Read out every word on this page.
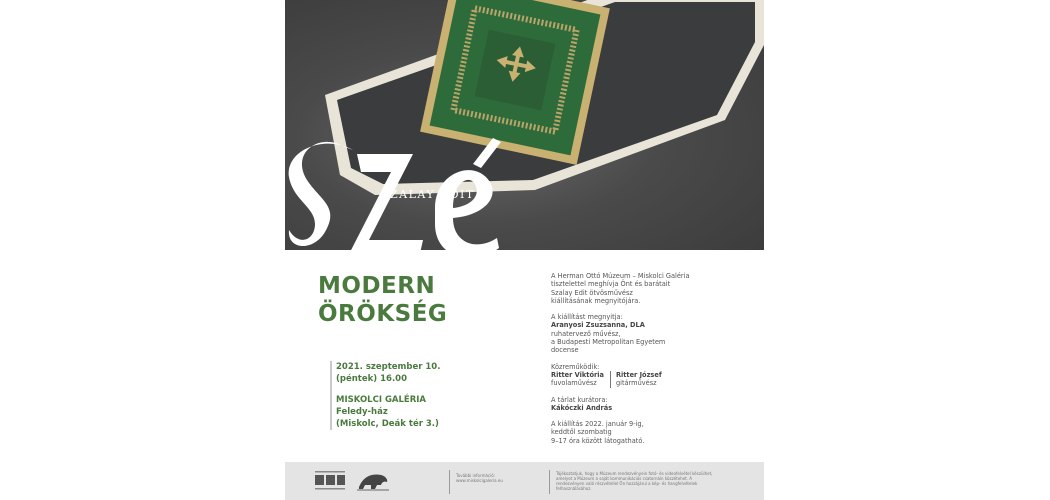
SZALAY EDIT
MODERN
ÖRÖKSÉG
2021. szeptember 10.
(péntek) 16.00
MISKOLCI GALÉRIA
Feledy-ház
(Miskolc, Deák tér 3.)

A Herman Ottó Múzeum – Miskolci Galéria
tisztelettel meghívja Önt és barátait
Szalay Edit ötvösművész
kiállításának megnyitójára.

A kiállítást megnyitja:
Aranyosi Zsuzsanna, DLA
ruhatervező művész,
a Budapesti Metropolitan Egyetem
docense

Közreműködik:
Ritter Viktória
fuvolaművész
Ritter József
gitárművész

A tárlat kurátora:
Kákóczki András

A kiállítás 2022. január 9-ig,
keddtől szombatig
9–17 óra között látogatható.

További információ:
www.miskolcigaleria.eu
Tájékoztatjuk, hogy a Múzeum rendezvényein fotó- és videofelvétel készülhet, amelyet a Múzeum a saját kommunikációs csatornáin közzétehet. A rendezvényen való részvétellel Ön hozzájárul a kép- és hangfelvételek felhasználásához.
